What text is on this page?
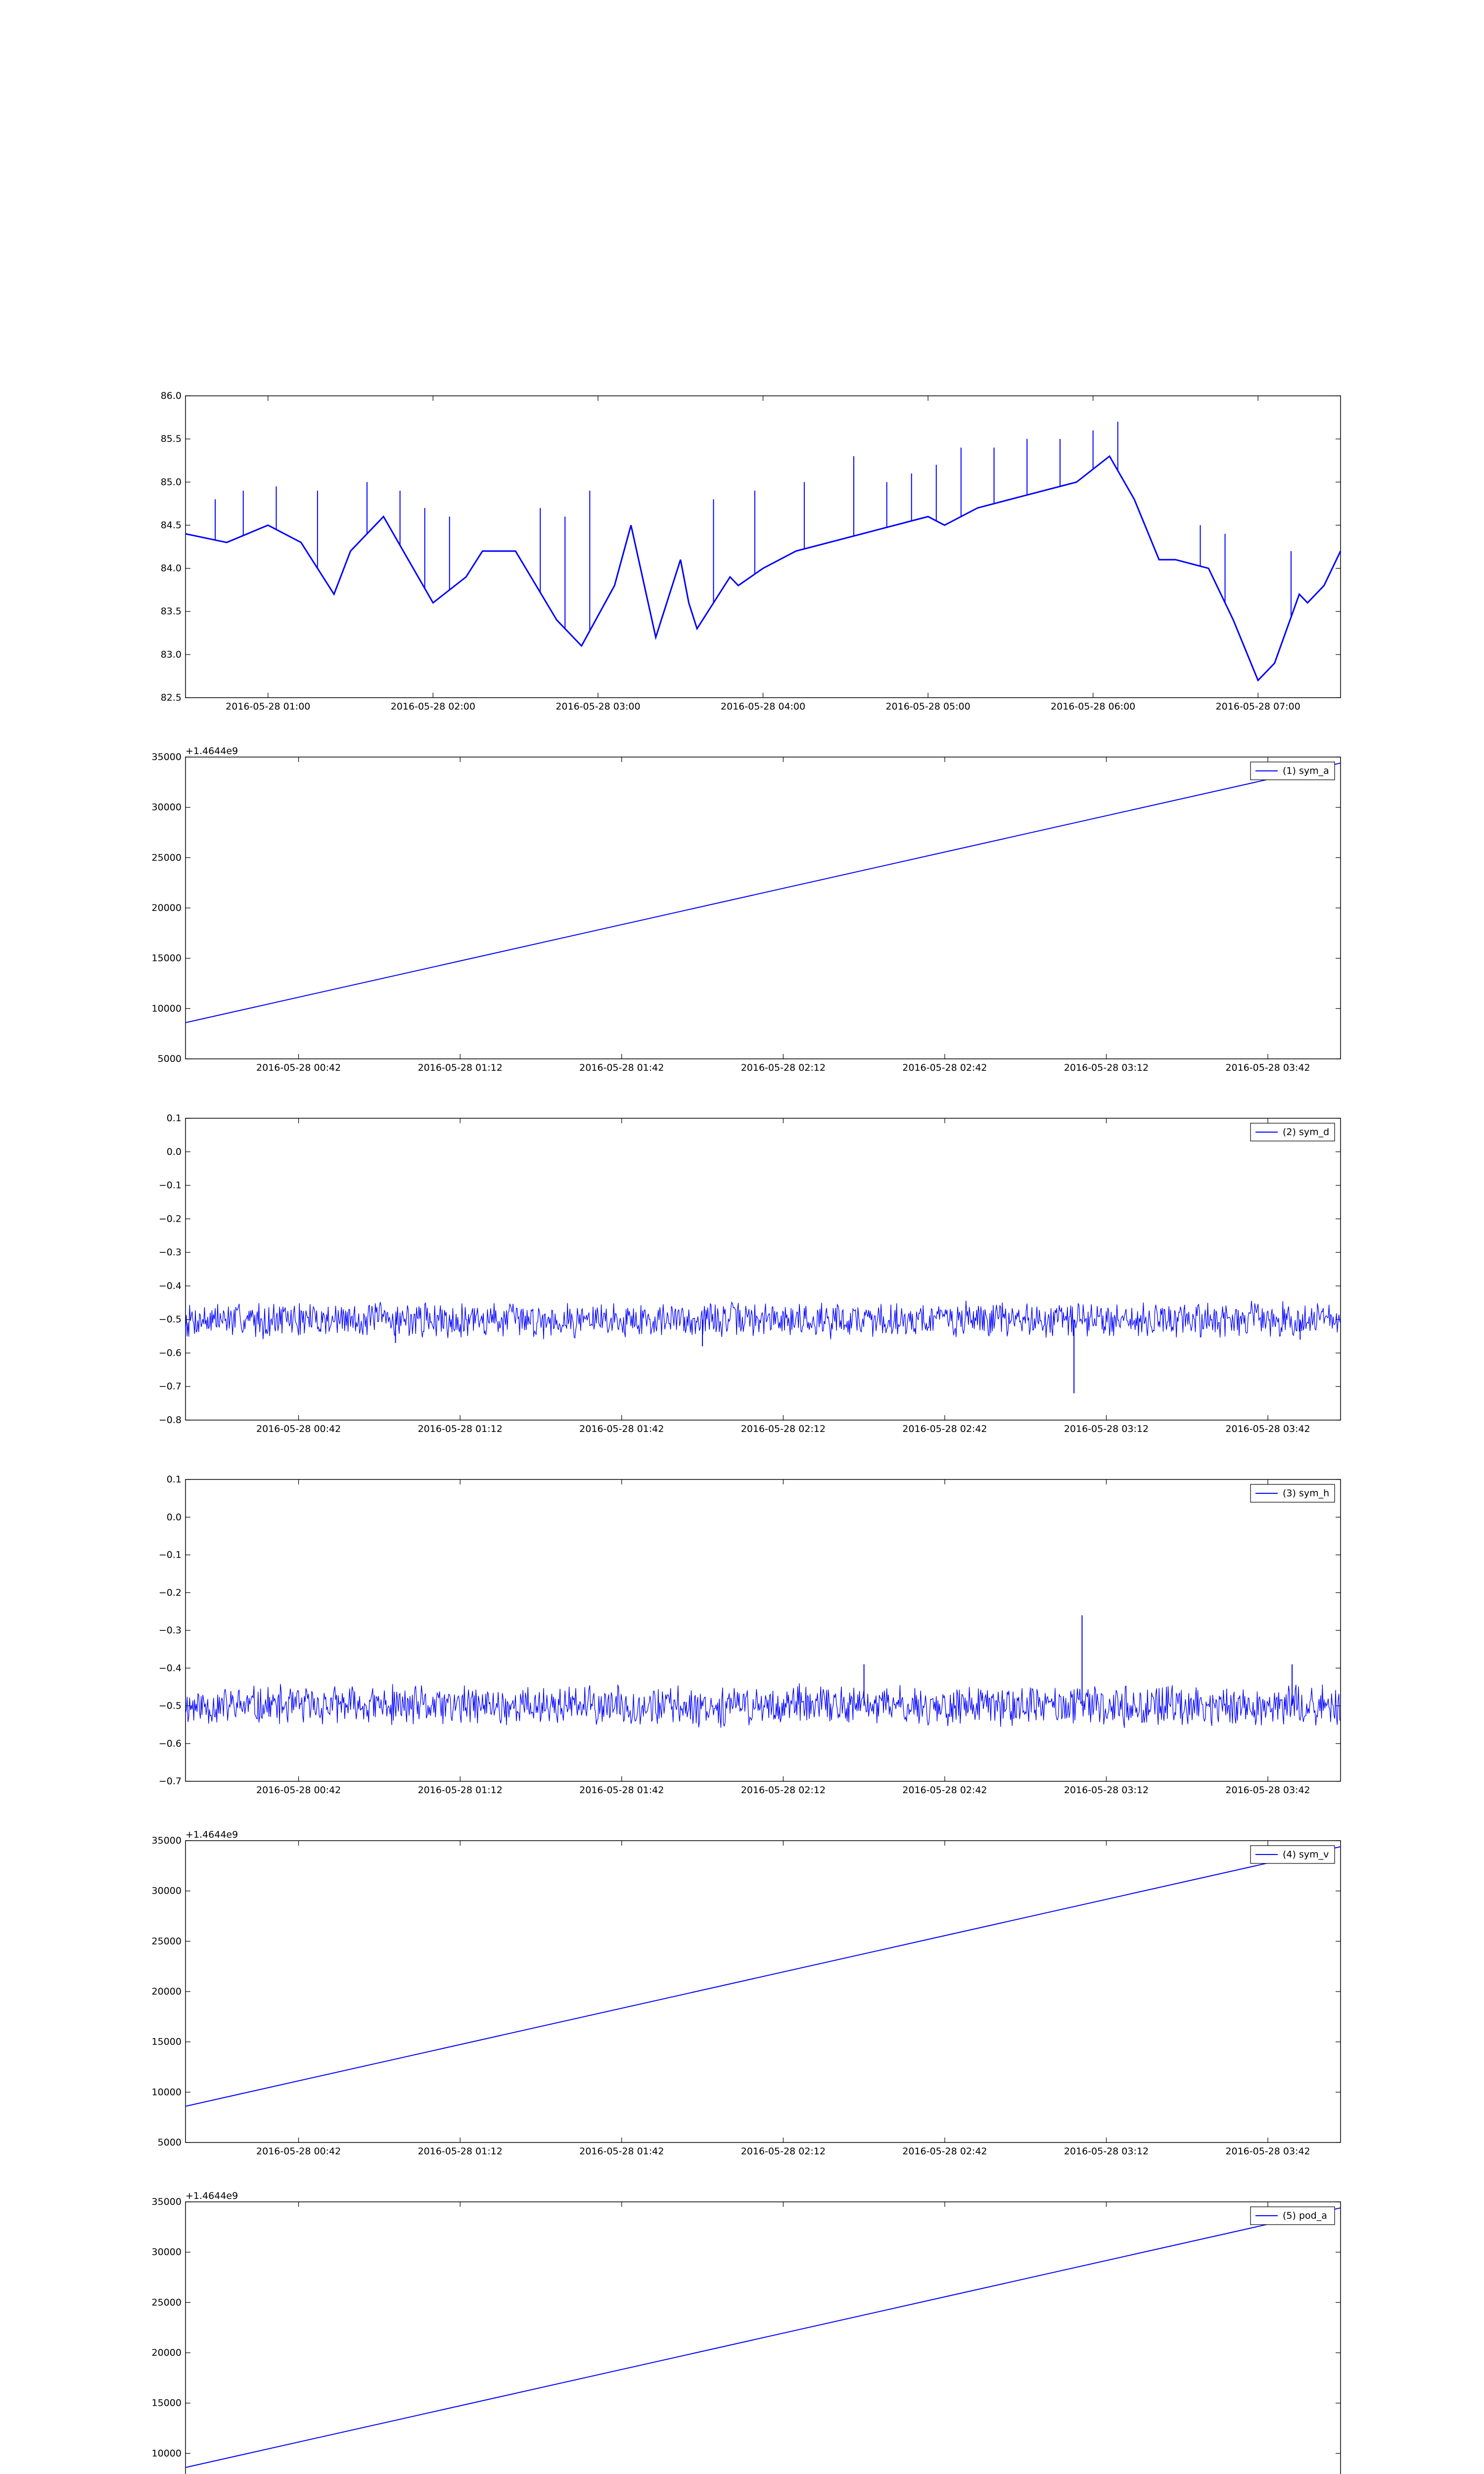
82.5
83.0
83.5
84.0
84.5
85.0
85.5
86.0
2016-05-28 01:00	2016-05-28 02:00	2016-05-28 03:00	2016-05-28 04:00	2016-05-28 05:00	2016-05-28 06:00	2016-05-28 07:00
5000
10000
15000
20000
25000
30000
35000
2016-05-28 00:42	2016-05-28 01:12	2016-05-28 01:42	2016-05-28 02:12	2016-05-28 02:42	2016-05-28 03:12	2016-05-28 03:42
+1.4644e9
(1) sym_a
−0.8
−0.7
−0.6
−0.5
−0.4
−0.3
−0.2
−0.1
0.0
0.1
2016-05-28 00:42	2016-05-28 01:12	2016-05-28 01:42	2016-05-28 02:12	2016-05-28 02:42	2016-05-28 03:12	2016-05-28 03:42
(2) sym_d
−0.7
−0.6
−0.5
−0.4
−0.3
−0.2
−0.1
0.0
0.1
2016-05-28 00:42	2016-05-28 01:12	2016-05-28 01:42	2016-05-28 02:12	2016-05-28 02:42	2016-05-28 03:12	2016-05-28 03:42
(3) sym_h
5000
10000
15000
20000
25000
30000
35000
2016-05-28 00:42	2016-05-28 01:12	2016-05-28 01:42	2016-05-28 02:12	2016-05-28 02:42	2016-05-28 03:12	2016-05-28 03:42
+1.4644e9
(4) sym_v
10000
15000
20000
25000
30000
35000
+1.4644e9
(5) pod_a
